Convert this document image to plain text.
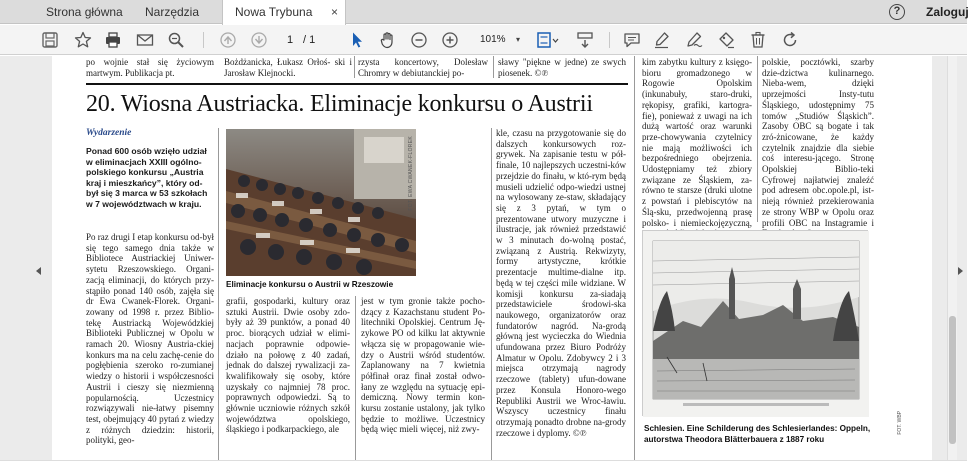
Strona główna Narzędzia	Nowa Trybuna ×	?	Zaloguj
1 / 1	101% ▾
po wojnie stał się życiowym martwym. Publikacja pt.
Bożdżanicka, Łukasz Orłoś- ski i Jarosław Klejnocki.
rzysta koncertowy, Dolesław Chromry w debiutanckiej po-
sławy "piękne w jedne) ze swych piosenek. ©℗
20. Wiosna Austriacka. Eliminacje konkursu o Austrii
Wydarzenie
Ponad 600 osób wzięło udział w eliminacjach XXIII ogólno-polskiego konkursu „Austria kraj i mieszkańcy”, który od-był się 3 marca w 53 szkołach w 7 województwach w kraju.
Po raz drugi I etap konkursu od-był się tego samego dnia także w Bibliotece Austriackiej Uniwer-sytetu Rzeszowskiego. Organi-zacją eliminacji, do których przy-stąpiło ponad 140 osób, zajęła się dr Ewa Cwanek-Florek. Organi-zowany od 1998 r. przez Biblio-tekę Austriacką Wojewódzkiej Biblioteki Publicznej w Opolu w ramach 20. Wiosny Austria-ckiej konkurs ma na celu zachę-cenie do pogłębienia szeroko ro-zumianej wiedzy o historii i współczesności Austrii i cieszy się niezmienną popularnością. Uczestnicy rozwiązywali nie-łatwy pisemny test, obejmujący 40 pytań z wiedzy z różnych dziedzin: historii, polityki, geo-
FOT. EWA CWANEK-FLOREK
Eliminacje konkursu o Austrii w Rzeszowie
grafii, gospodarki, kultury oraz sztuki Austrii. Dwie osoby zdo-były aż 39 punktów, a ponad 40 proc. biorących udział w elimi-nacjach poprawnie odpowie-działo na połowę z 40 zadań, jednak do dalszej rywalizacji za-kwalifikowały się osoby, które uzyskały co najmniej 78 proc. poprawnych odpowiedzi. Są to głównie uczniowie różnych szkół województwa opolskiego, śląskiego i podkarpackiego, ale
jest w tym gronie także pocho-dzący z Kazachstanu student Po-litechniki Opolskiej. Centrum Ję-zykowe PO od kilku lat aktywnie włącza się w propagowanie wie-dzy o Austrii wśród studentów. Zaplanowany na 7 kwietnia półfinał oraz finał został odwo-łany ze względu na sytuację epi-demiczną. Nowy termin kon-kursu zostanie ustalony, jak tylko będzie to możliwe. Uczestnicy będą więc mieli więcej, niż zwy-
kle, czasu na przygotowanie się do dalszych konkursowych roz-grywek. Na zapisanie testu w pół-finale, 10 najlepszych uczestni-ków przejdzie do finału, w któ-rym będą musieli udzielić odpo-wiedzi ustnej na wylosowany ze-staw, składający się z 3 pytań, w tym o prezentowane utwory muzyczne i ilustracje, jak również przedstawić w 3 minutach do-wolną postać, związaną z Austrią. Rekwizyty, formy artystyczne, krótkie prezentacje multime-dialne itp. będą w tej części mile widziane. W komisji konkursu za-siadają przedstawiciele środowi-ska naukowego, organizatorów oraz fundatorów nagród. Na-grodą główną jest wycieczka do Wiednia ufundowana przez Biuro Podróży Almatur w Opolu. Zdobywcy 2 i 3 miejsca otrzymają nagrody rzeczowe (tablety) ufun-dowane przez Konsula Honoro-wego Republiki Austrii we Wroc-ławiu. Wszyscy uczestnicy finału otrzymają ponadto drobne na-grody rzeczowe i dyplomy. ©℗
kim zabytku kultury z księgo-bioru gromadzonego w Rogowie Opolskim (inkunabuły, staro-druki, rękopisy, grafiki, kartogra-fie), ponieważ z uwagi na ich dużą wartość oraz warunki prze-chowywania czytelnicy nie mają możliwości ich bezpośredniego obejrzenia. Udostępniamy też zbiory związane ze Śląskiem, za-równo te starsze (druki ulotne z powstań i plebiscytów na Ślą-sku, przedwojenną prasę polsko- i niemieckojęzyczną,
polskie, pocztówki, szarby dzie-dzictwa kulinarnego. Nieba-wem, dzięki uprzejmości Insty-tutu Śląskiego, udostępnimy 75 tomów „Studiów Śląskich”. Zasoby OBC są bogate i tak zró-żnicowane, że każdy czytelnik znajdzie dla siebie coś interesu-jącego. Stronę Opolskiej Biblio-teki Cyfrowej najłatwiej znaleźć pod adresem obc.opole.pl, ist-nieją również przekierowania ze strony WBP w Opolu oraz profili OBC na Instagramie i
FOT. WBP
Schlesien. Eine Schilderung des Schlesierlandes: Oppeln, autorstwa Theodora Blätterbauera z 1887 roku
